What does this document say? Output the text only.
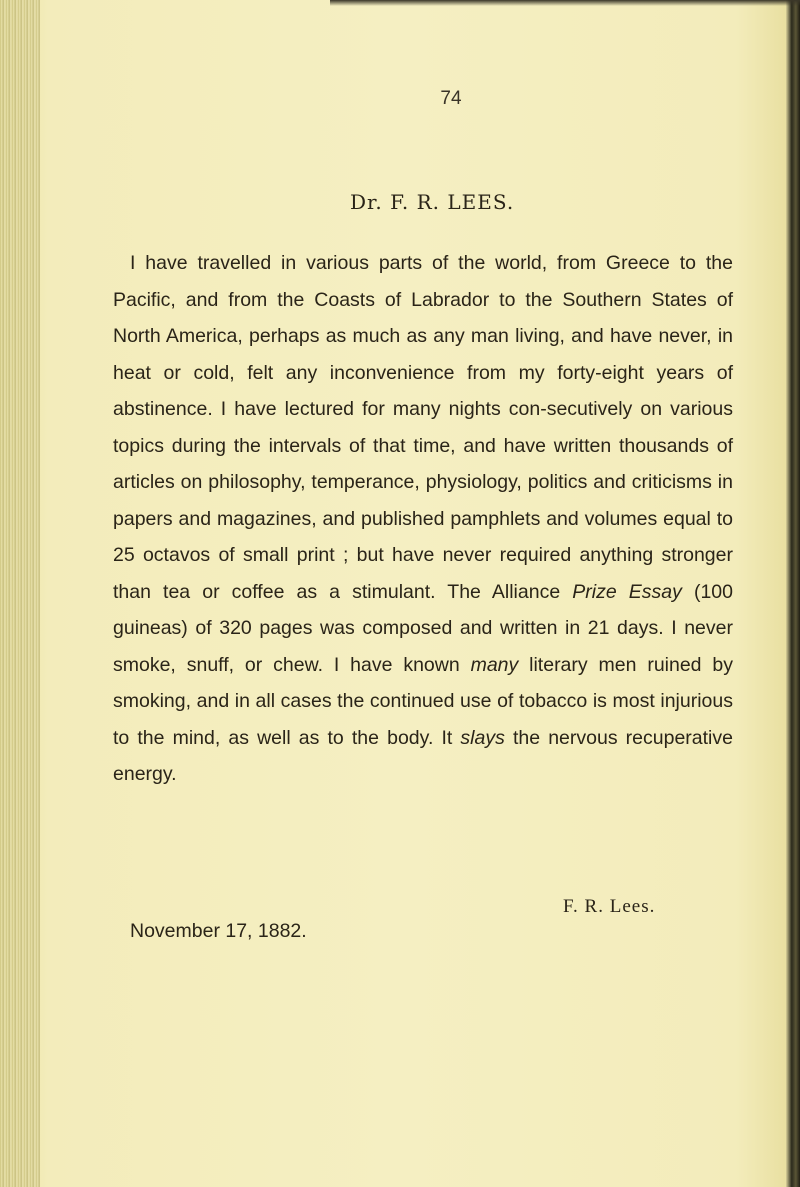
74
Dr. F. R. LEES.

I have travelled in various parts of the world, from Greece to the Pacific, and from the Coasts of Labrador to the Southern States of North America, perhaps as much as any man living, and have never, in heat or cold, felt any inconvenience from my forty-eight years of abstinence. I have lectured for many nights con-secutively on various topics during the intervals of that time, and have written thousands of articles on philosophy, temperance, physiology, politics and criticisms in papers and magazines, and published pamphlets and volumes equal to 25 octavos of small print ; but have never required anything stronger than tea or coffee as a stimulant. The Alliance Prize Essay (100 guineas) of 320 pages was composed and written in 21 days. I never smoke, snuff, or chew. I have known many literary men ruined by smoking, and in all cases the continued use of tobacco is most injurious to the mind, as well as to the body. It slays the nervous recuperative energy.

F. R. Lees.
November 17, 1882.
